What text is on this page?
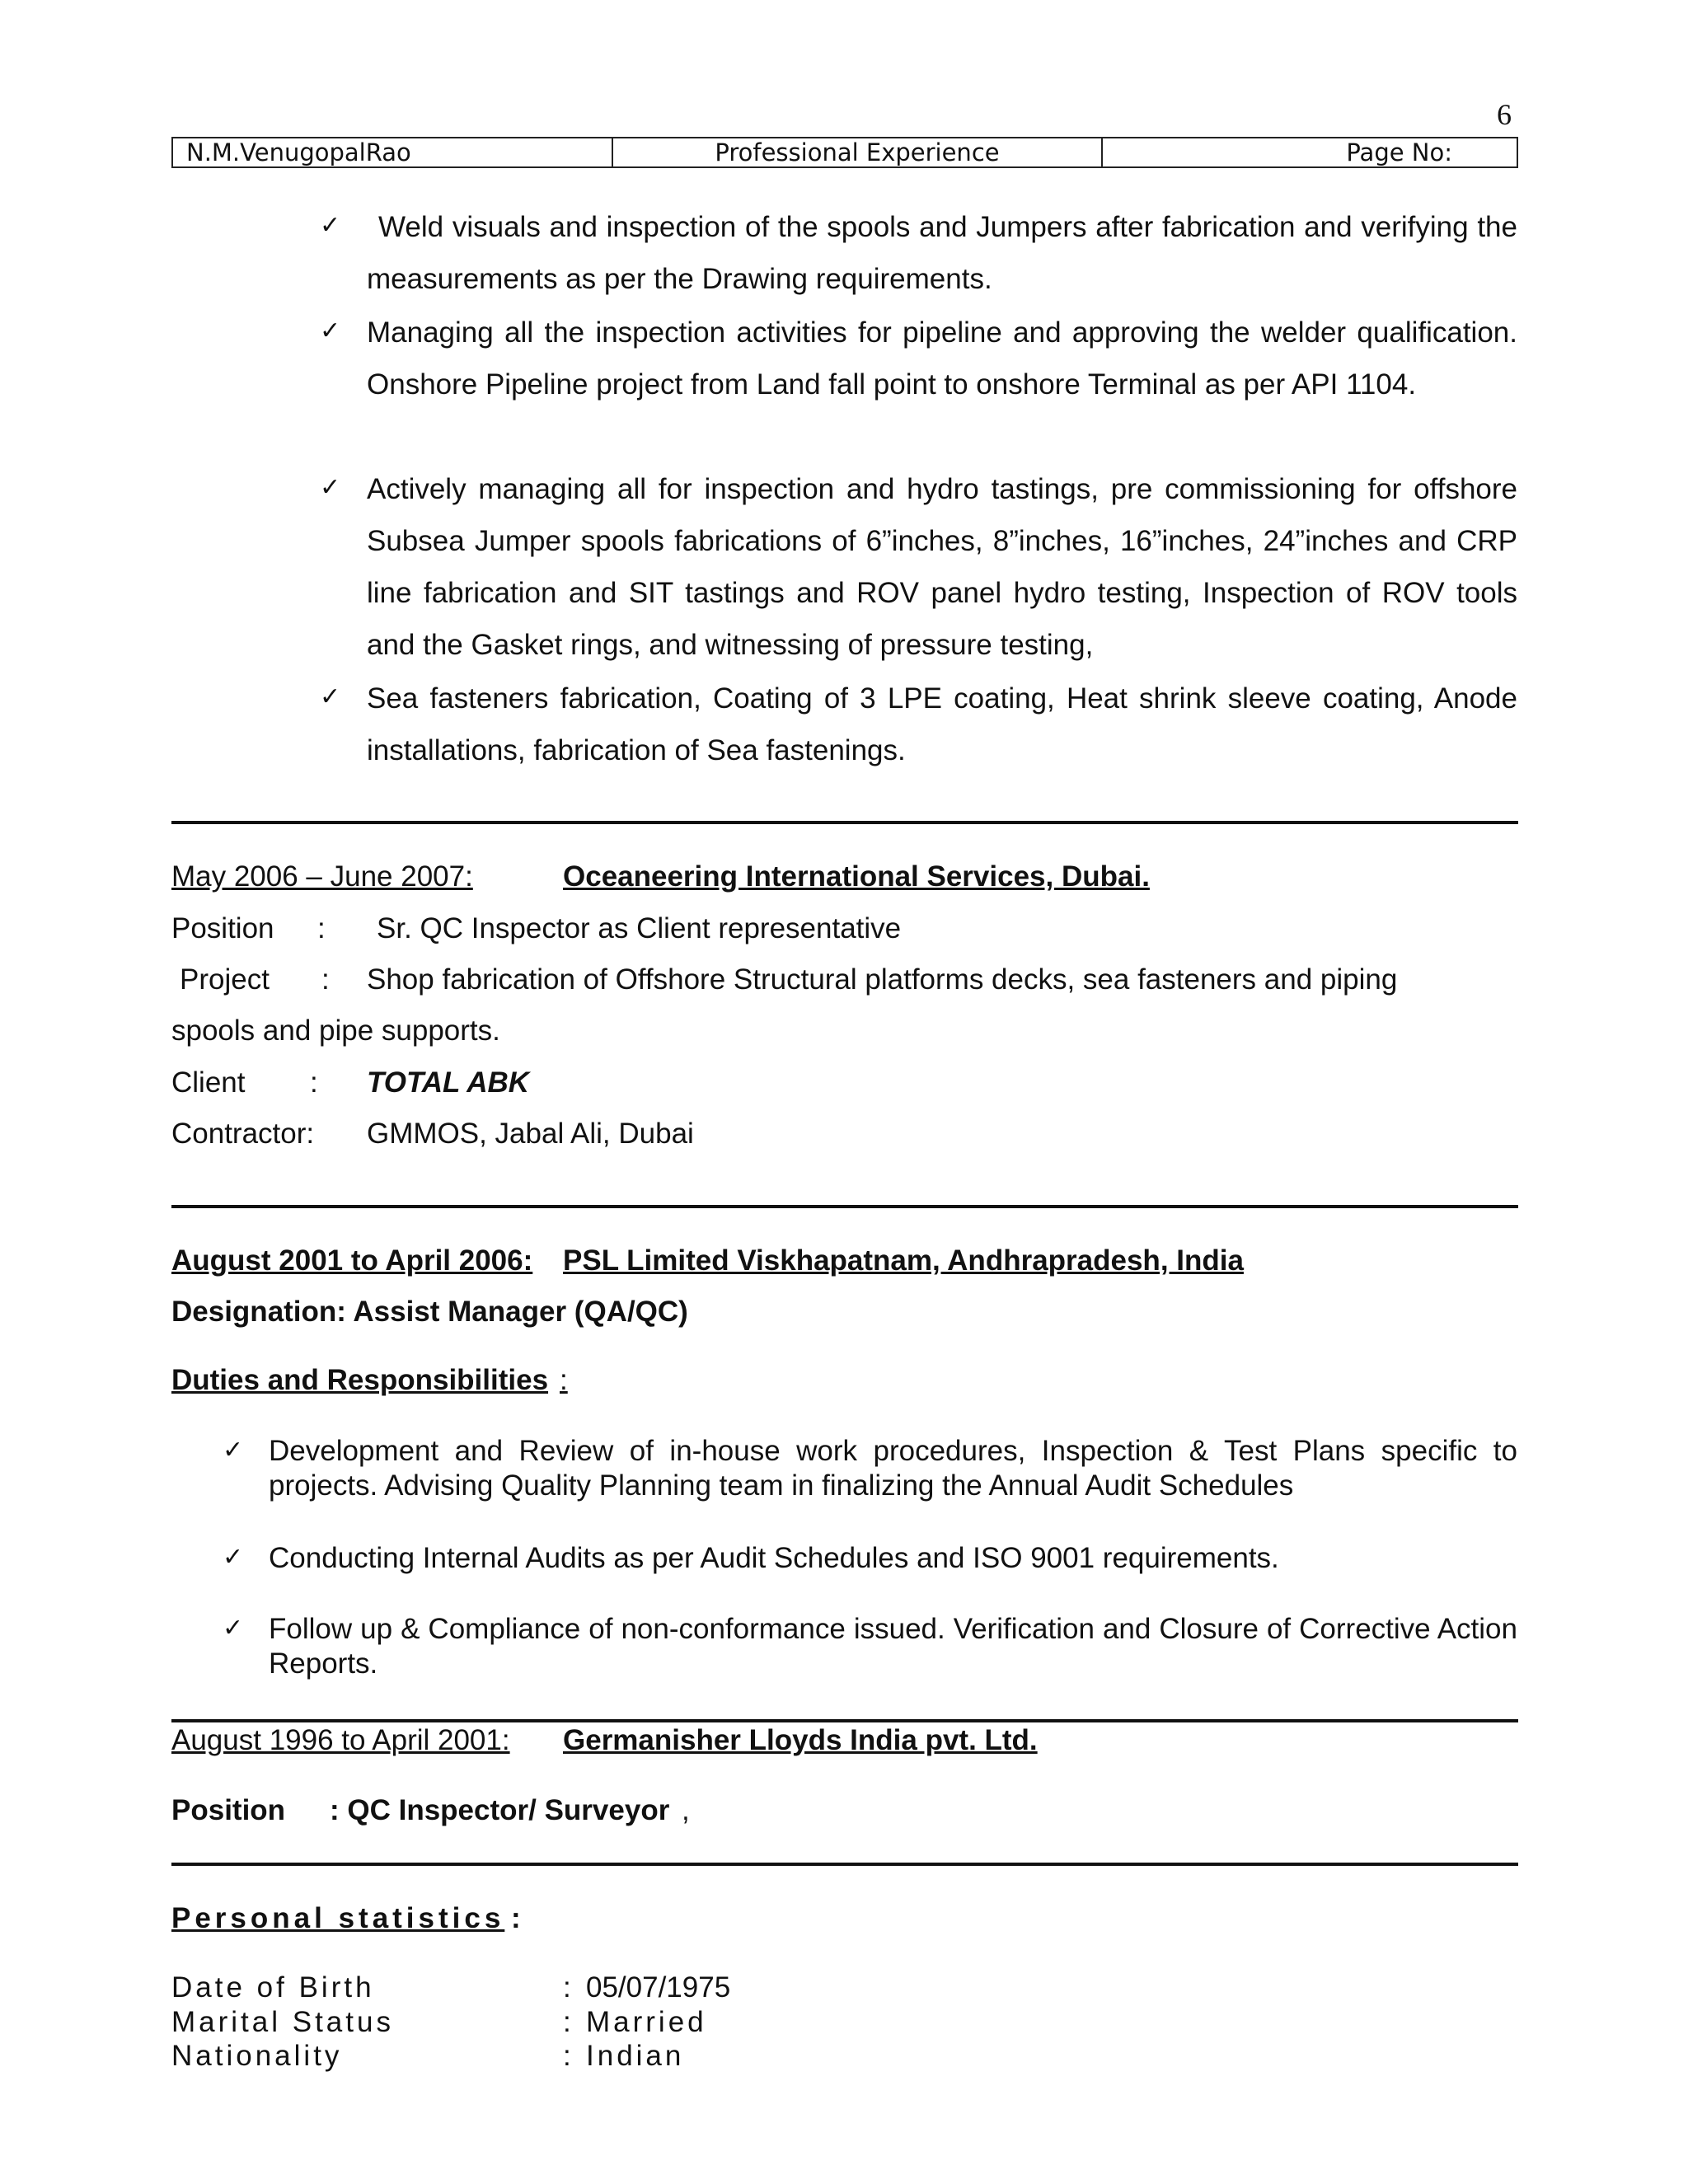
6
N.M.VenugopalRao	Professional Experience	Page No:
✓	Weld visuals and inspection of the spools and Jumpers after fabrication and verifying the measurements as per the Drawing requirements.
✓ Managing all the inspection activities for pipeline and approving the welder qualification. Onshore Pipeline project from Land fall point to onshore Terminal as per API 1104.
✓ Actively managing all for inspection and hydro tastings, pre commissioning for offshore Subsea Jumper spools fabrications of 6”inches, 8”inches, 16”inches, 24”inches and CRP line fabrication and SIT tastings and ROV panel hydro testing, Inspection of ROV tools and the Gasket rings, and witnessing of pressure testing,
✓ Sea fasteners fabrication, Coating of 3 LPE coating, Heat shrink sleeve coating, Anode installations, fabrication of Sea fastenings.
May 2006 – June 2007:	Oceaneering International Services, Dubai.
Position : Sr. QC Inspector as Client representative
Project : Shop fabrication of Offshore Structural platforms decks, sea fasteners and piping
spools and pipe supports.
Client : TOTAL ABK
Contractor: GMMOS, Jabal Ali, Dubai
August 2001 to April 2006: PSL Limited Viskhapatnam, Andhrapradesh, India
Designation: Assist Manager (QA/QC)
Duties and Responsibilities :
✓ Development and Review of in-house work procedures, Inspection & Test Plans specific to projects. Advising Quality Planning team in finalizing the Annual Audit Schedules
✓ Conducting Internal Audits as per Audit Schedules and ISO 9001 requirements.
✓ Follow up & Compliance of non-conformance issued. Verification and Closure of Corrective Action Reports.
August 1996 to April 2001: Germanisher Lloyds India pvt. Ltd.
Position : QC Inspector/ Surveyor ,
Personal statistics :
Date of Birth	: 05/07/1975
Marital Status	: Married
Nationality	: Indian
